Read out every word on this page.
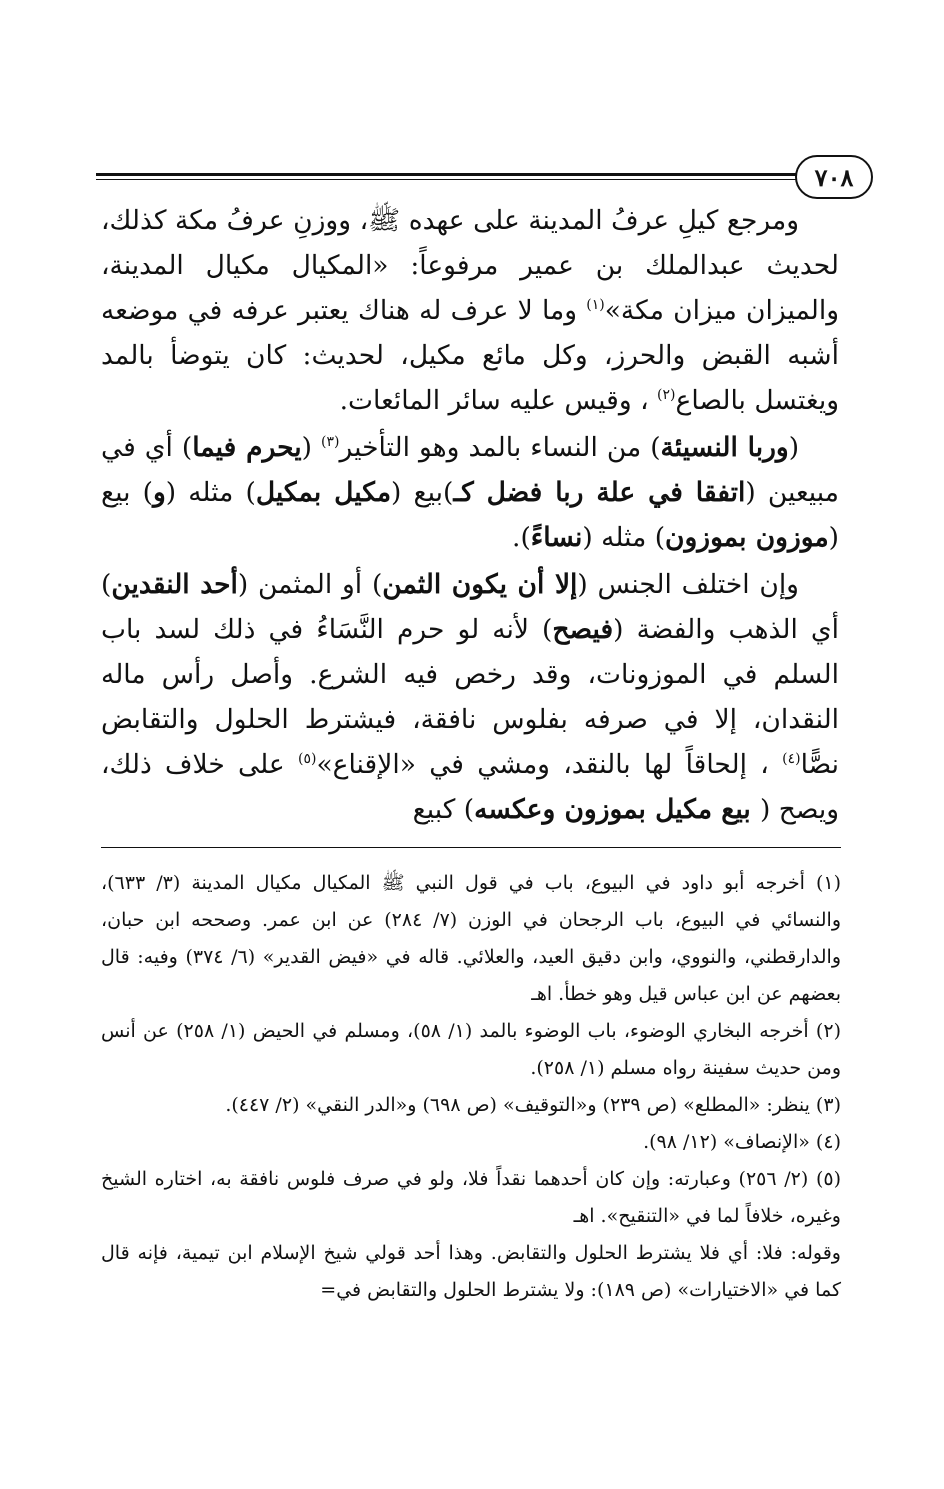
٧٠٨

ومرجع كيلِ عرفُ المدينة على عهده ﷺ، ووزنِ عرفُ مكة كذلك، لحديث عبدالملك بن عمير مرفوعاً: «المكيال مكيال المدينة، والميزان ميزان مكة»$^{(١)}$ وما لا عرف له هناك يعتبر عرفه في موضعه أشبه القبض والحرز، وكل مائع مكيل، لحديث: كان يتوضأ بالمد ويغتسل بالصاع$^{(٢)}$ ، وقيس عليه سائر المائعات.

(وربا النسيئة) من النساء بالمد وهو التأخير$^{(٣)}$ (يحرم فيما) أي في مبيعين (اتفقا في علة ربا فضل كـ)بيع (مكيل بمكيل) مثله (و) بيع (موزون بموزون) مثله (نساءً).

وإن اختلف الجنس (إلا أن يكون الثمن) أو المثمن (أحد النقدين) أي الذهب والفضة (فيصح) لأنه لو حرم النَّسَاءُ في ذلك لسد باب السلم في الموزونات، وقد رخص فيه الشرع. وأصل رأس ماله النقدان، إلا في صرفه بفلوس نافقة، فيشترط الحلول والتقابض نصًّا$^{(٤)}$ ، إلحاقاً لها بالنقد، ومشي في «الإقناع»$^{(٥)}$ على خلاف ذلك، ويصح ( بيع مكيل بموزون وعكسه) كبيع

(١) أخرجه أبو داود في البيوع، باب في قول النبي ﷺ المكيال مكيال المدينة (٣/ ٦٣٣)، والنسائي في البيوع، باب الرجحان في الوزن (٧/ ٢٨٤) عن ابن عمر. وصححه ابن حبان، والدارقطني، والنووي، وابن دقيق العيد، والعلائي. قاله في «فيض القدير» (٦/ ٣٧٤) وفيه: قال بعضهم عن ابن عباس قيل وهو خطأ. اهـ

(٢) أخرجه البخاري الوضوء، باب الوضوء بالمد (١/ ٥٨)، ومسلم في الحيض (١/ ٢٥٨) عن أنس ومن حديث سفينة رواه مسلم (١/ ٢٥٨).

(٣) ينظر: «المطلع» (ص ٢٣٩) و«التوقيف» (ص ٦٩٨) و«الدر النقي» (٢/ ٤٤٧).

(٤) «الإنصاف» (١٢/ ٩٨).

(٥) (٢/ ٢٥٦) وعبارته: وإن كان أحدهما نقداً فلا، ولو في صرف فلوس نافقة به، اختاره الشيخ وغيره، خلافاً لما في «التنقيح». اهـ

وقوله: فلا: أي فلا يشترط الحلول والتقابض. وهذا أحد قولي شيخ الإسلام ابن تيمية، فإنه قال كما في «الاختيارات» (ص ١٨٩): ولا يشترط الحلول والتقابض في=
